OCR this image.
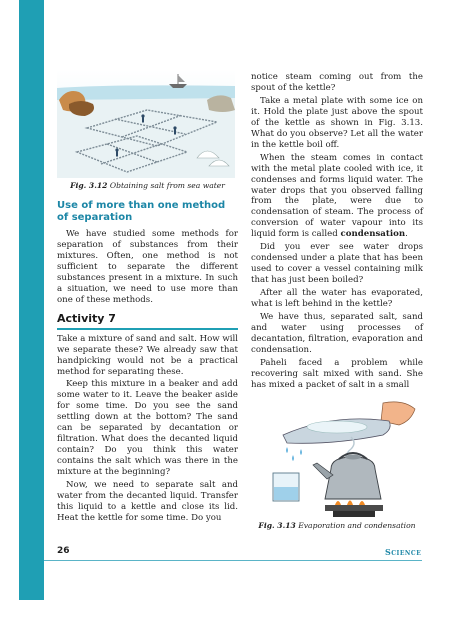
Fig. 3.12 Obtaining salt from sea water
Use of more than one method of separation

We have studied some methods for separation of substances from their mixtures. Often, one method is not sufficient to separate the different substances present in a mixture. In such a situation, we need to use more than one of these methods.

Activity 7

Take a mixture of sand and salt. How will we separate these? We already saw that handpicking would not be a practical method for separating these.

Keep this mixture in a beaker and add some water to it. Leave the beaker aside for some time. Do you see the sand settling down at the bottom? The sand can be separated by decantation or filtration. What does the decanted liquid contain? Do you think this water contains the salt which was there in the mixture at the beginning?

Now, we need to separate salt and water from the decanted liquid. Transfer this liquid to a kettle and close its lid. Heat the kettle for some time. Do you

notice steam coming out from the spout of the kettle?

Take a metal plate with some ice on it. Hold the plate just above the spout of the kettle as shown in Fig. 3.13. What do you observe? Let all the water in the kettle boil off.

When the steam comes in contact with the metal plate cooled with ice, it condenses and forms liquid water. The water drops that you observed falling from the plate, were due to condensation of steam. The process of conversion of water vapour into its liquid form is called condensation.

Did you ever see water drops condensed under a plate that has been used to cover a vessel containing milk that has just been boiled?

After all the water has evaporated, what is left behind in the kettle?

We have thus, separated salt, sand and water using processes of decantation, filtration, evaporation and condensation.

Paheli faced a problem while recovering salt mixed with sand. She has mixed a packet of salt in a small

Fig. 3.13 Evaporation and condensation
26	Science
